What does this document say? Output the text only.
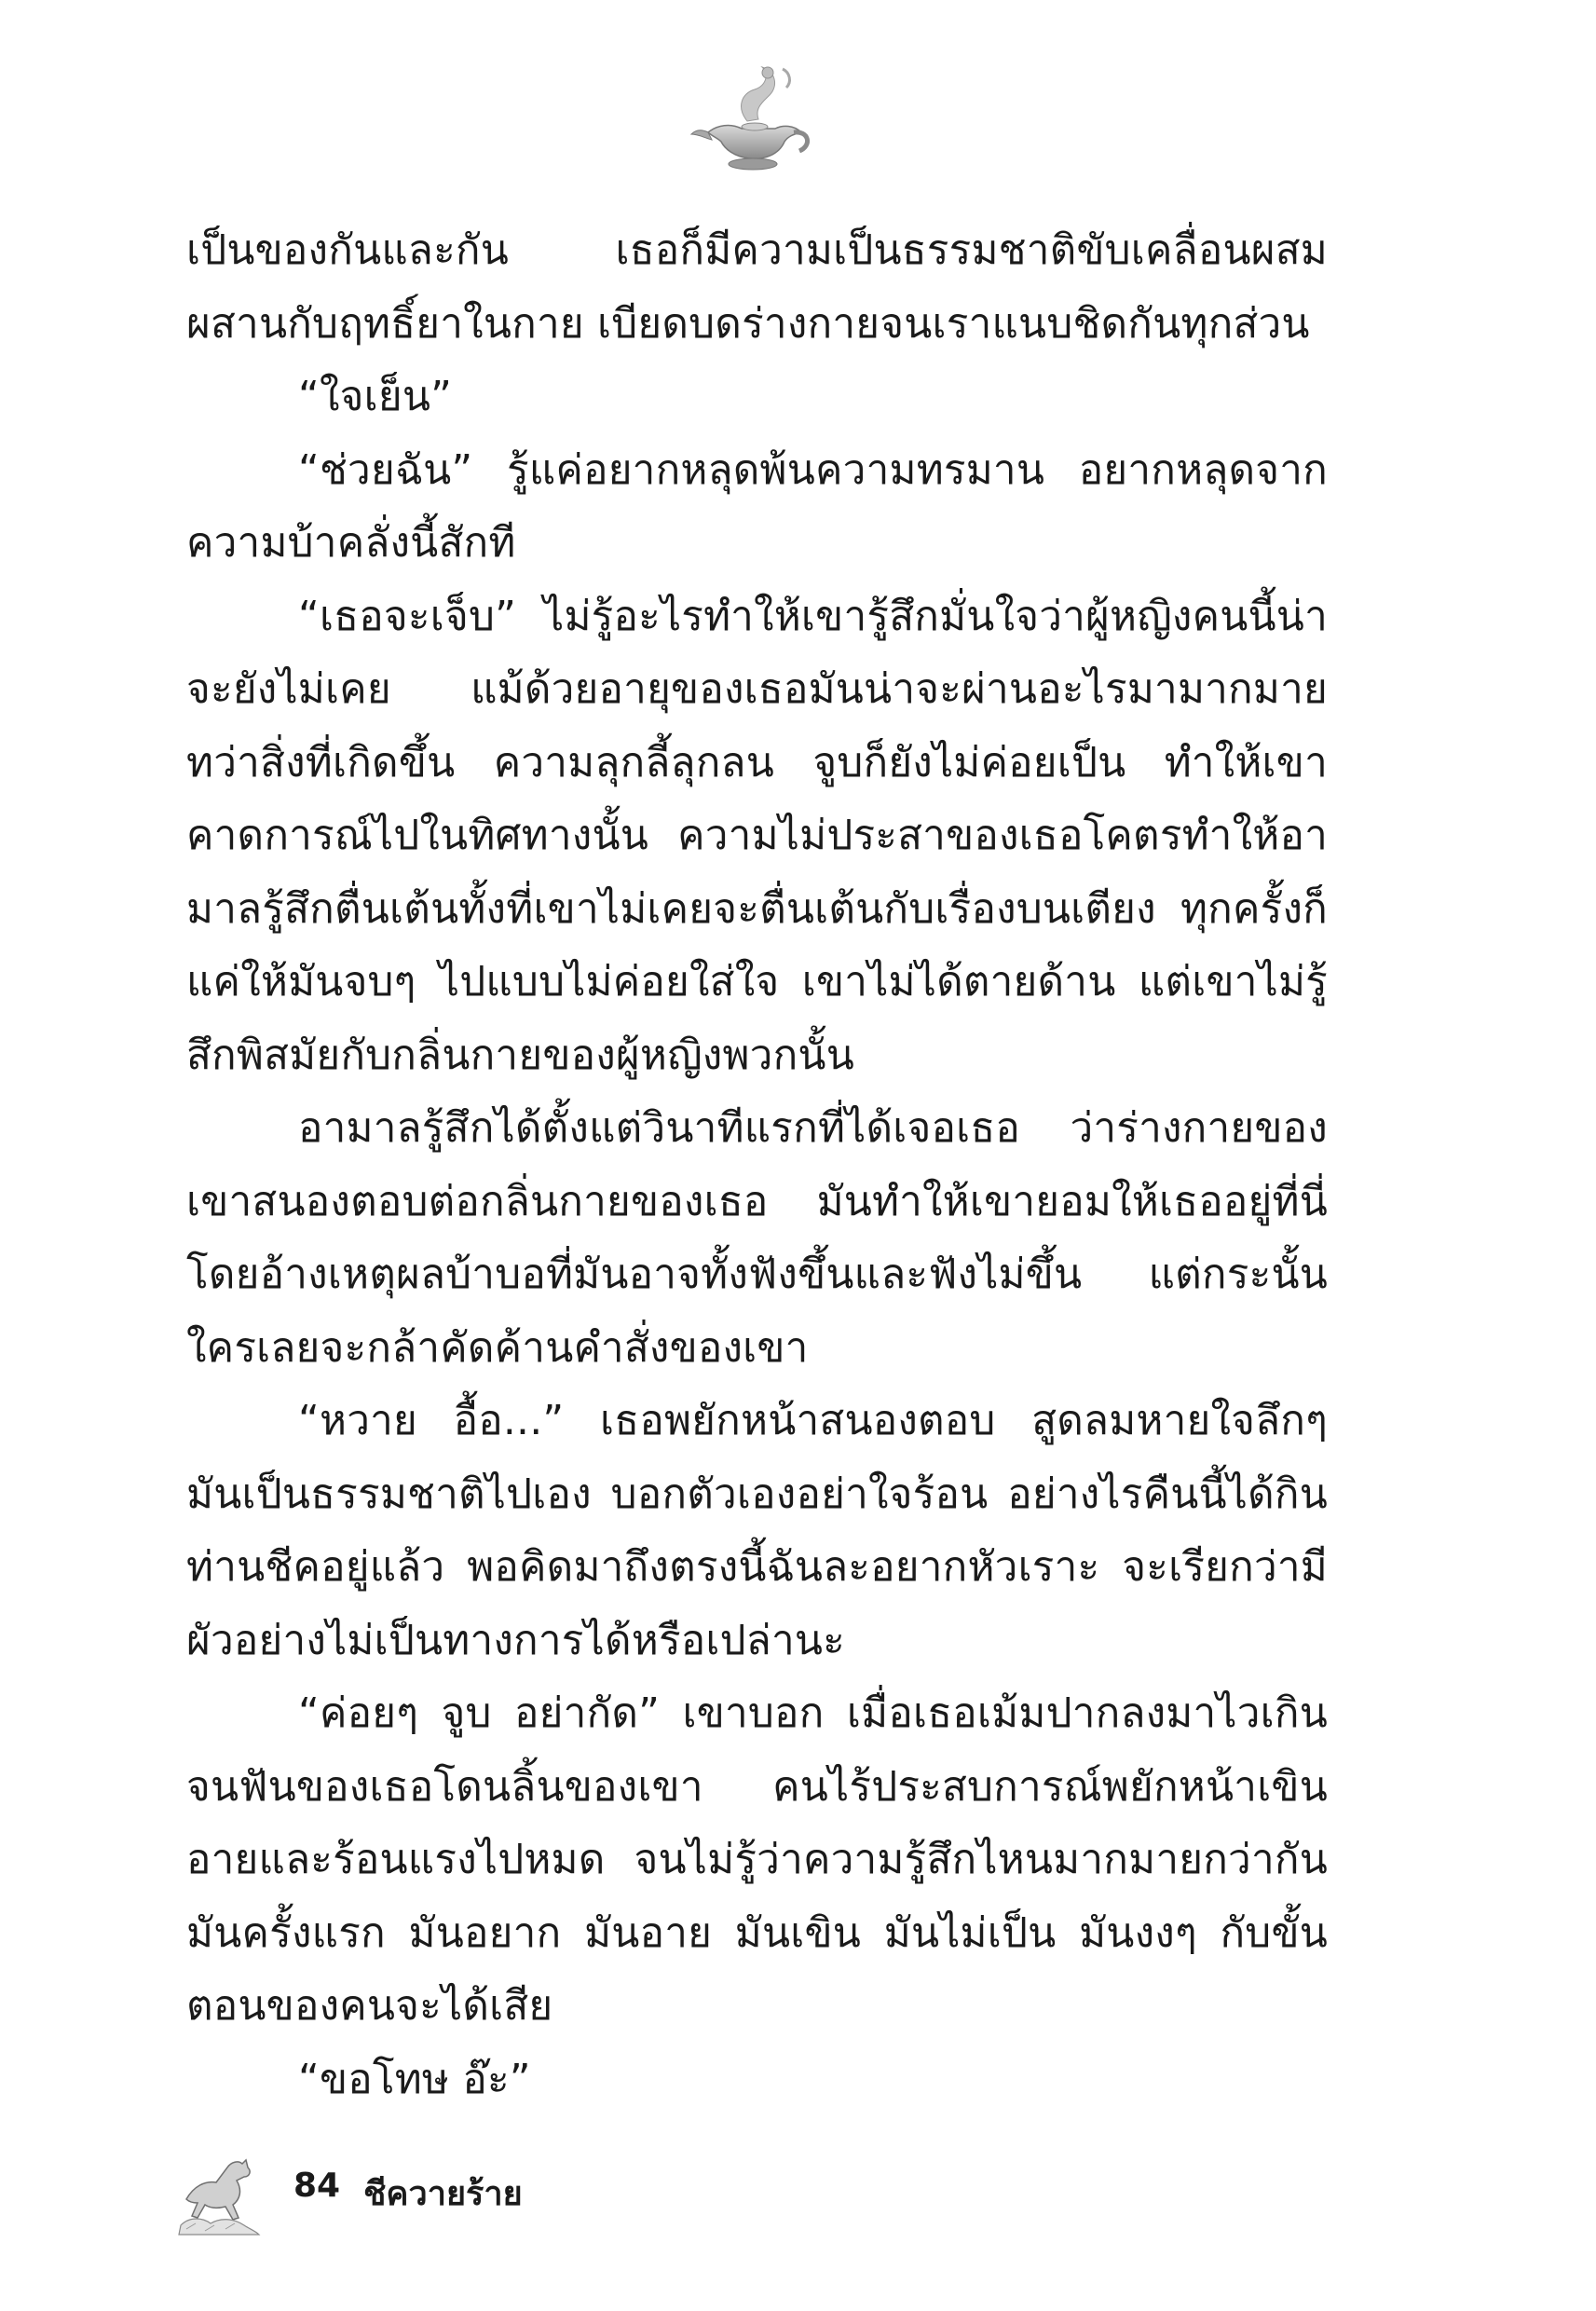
เป็นของกันและกัน เธอก็มีความเป็นธรรมชาติขับเคลื่อนผสมผสานกับฤทธิ์ยาในกาย เบียดบดร่างกายจนเราแนบชิดกันทุกส่วน

“ใจเย็น”

“ช่วยฉัน” รู้แค่อยากหลุดพ้นความทรมาน อยากหลุดจากความบ้าคลั่งนี้สักที

“เธอจะเจ็บ” ไม่รู้อะไรทำให้เขารู้สึกมั่นใจว่าผู้หญิงคนนี้น่าจะยังไม่เคย แม้ด้วยอายุของเธอมันน่าจะผ่านอะไรมามากมาย ทว่าสิ่งที่เกิดขึ้น ความลุกลี้ลุกลน จูบก็ยังไม่ค่อยเป็น ทำให้เขาคาดการณ์ไปในทิศทางนั้น ความไม่ประสาของเธอโคตรทำให้อามาลรู้สึกตื่นเต้นทั้งที่เขาไม่เคยจะตื่นเต้นกับเรื่องบนเตียง ทุกครั้งก็แค่ให้มันจบๆ ไปแบบไม่ค่อยใส่ใจ เขาไม่ได้ตายด้าน แต่เขาไม่รู้สึกพิสมัยกับกลิ่นกายของผู้หญิงพวกนั้น

อามาลรู้สึกได้ตั้งแต่วินาทีแรกที่ได้เจอเธอ ว่าร่างกายของเขาสนองตอบต่อกลิ่นกายของเธอ มันทำให้เขายอมให้เธออยู่ที่นี่โดยอ้างเหตุผลบ้าบอที่มันอาจทั้งฟังขึ้นและฟังไม่ขึ้น แต่กระนั้นใครเลยจะกล้าคัดค้านคำสั่งของเขา

“หวาย อื้อ...” เธอพยักหน้าสนองตอบ สูดลมหายใจลึกๆ มันเป็นธรรมชาติไปเอง บอกตัวเองอย่าใจร้อน อย่างไรคืนนี้ได้กินท่านชีคอยู่แล้ว พอคิดมาถึงตรงนี้ฉันละอยากหัวเราะ จะเรียกว่ามีผัวอย่างไม่เป็นทางการได้หรือเปล่านะ

“ค่อยๆ จูบ อย่ากัด” เขาบอก เมื่อเธอเม้มปากลงมาไวเกินจนฟันของเธอโดนลิ้นของเขา คนไร้ประสบการณ์พยักหน้าเขินอายและร้อนแรงไปหมด จนไม่รู้ว่าความรู้สึกไหนมากมายกว่ากัน มันครั้งแรก มันอยาก มันอาย มันเขิน มันไม่เป็น มันงงๆ กับขั้นตอนของคนจะได้เสีย

“ขอโทษ อ๊ะ”

84 ชีควายร้าย
